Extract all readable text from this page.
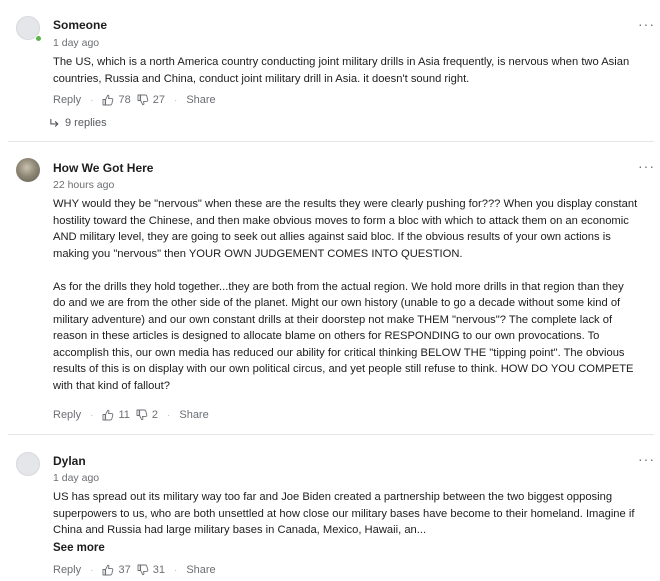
Someone
1 day ago
···
The US, which is a north America country conducting joint military drills in Asia frequently, is nervous when two Asian countries, Russia and China, conduct joint military drill in Asia. it doesn't sound right.
Reply · 78 27 · Share
9 replies
How We Got Here
22 hours ago
···
WHY would they be "nervous" when these are the results they were clearly pushing for??? When you display constant hostility toward the Chinese, and then make obvious moves to form a bloc with which to attack them on an economic AND military level, they are going to seek out allies against said bloc. If the obvious results of your own actions is making you "nervous" then YOUR OWN JUDGEMENT COMES INTO QUESTION.

As for the drills they hold together...they are both from the actual region. We hold more drills in that region than they do and we are from the other side of the planet. Might our own history (unable to go a decade without some kind of military adventure) and our own constant drills at their doorstep not make THEM "nervous"? The complete lack of reason in these articles is designed to allocate blame on others for RESPONDING to our own provocations. To accomplish this, our own media has reduced our ability for critical thinking BELOW THE "tipping point". The obvious results of this is on display with our own political circus, and yet people still refuse to think. HOW DO YOU COMPETE with that kind of fallout?
Reply · 11 2 · Share
Dylan
1 day ago
···
US has spread out its military way too far and Joe Biden created a partnership between the two biggest opposing superpowers to us, who are both unsettled at how close our military bases have become to their homeland. Imagine if China and Russia had large military bases in Canada, Mexico, Hawaii, an...
See more
Reply · 37 31 · Share
